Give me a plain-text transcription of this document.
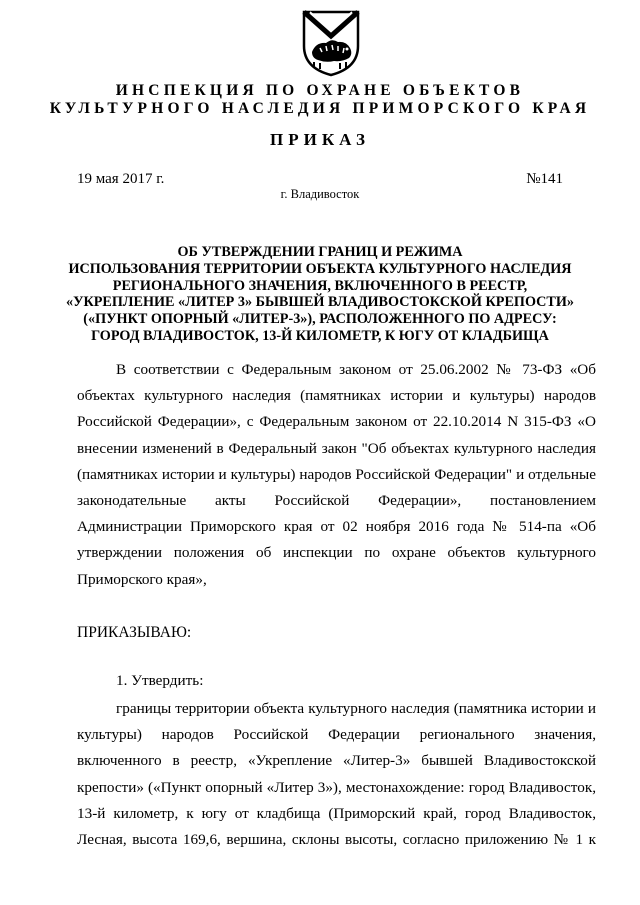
ИНСПЕКЦИЯ ПО ОХРАНЕ ОБЪЕКТОВ
КУЛЬТУРНОГО НАСЛЕДИЯ ПРИМОРСКОГО КРАЯ
ПРИКАЗ
19 мая 2017 г.	№141
г. Владивосток
ОБ УТВЕРЖДЕНИИ ГРАНИЦ И РЕЖИМА
ИСПОЛЬЗОВАНИЯ ТЕРРИТОРИИ ОБЪЕКТА КУЛЬТУРНОГО НАСЛЕДИЯ
РЕГИОНАЛЬНОГО ЗНАЧЕНИЯ, ВКЛЮЧЕННОГО В РЕЕСТР,
«УКРЕПЛЕНИЕ «ЛИТЕР 3» БЫВШЕЙ ВЛАДИВОСТОКСКОЙ КРЕПОСТИ»
(«ПУНКТ ОПОРНЫЙ «ЛИТЕР-3»), РАСПОЛОЖЕННОГО ПО АДРЕСУ:
ГОРОД ВЛАДИВОСТОК, 13-Й КИЛОМЕТР, К ЮГУ ОТ КЛАДБИЩА
В соответствии с Федеральным законом от 25.06.2002 № 73-ФЗ «Об
объектах культурного наследия (памятниках истории и культуры) народов
Российской Федерации», с Федеральным законом от 22.10.2014 N 315-ФЗ «О
внесении изменений в Федеральный закон "Об объектах культурного наследия
(памятниках истории и культуры) народов Российской Федерации" и отдельные
законодательные акты Российской Федерации», постановлением
Администрации Приморского края от 02 ноября 2016 года № 514-па «Об
утверждении положения об инспекции по охране объектов культурного
Приморского края»,
ПРИКАЗЫВАЮ:
1. Утвердить:
границы территории объекта культурного наследия (памятника истории и
культуры) народов Российской Федерации регионального значения,
включенного в реестр, «Укрепление «Литер-3» бывшей Владивостокской
крепости» («Пункт опорный «Литер 3»), местонахождение: город Владивосток,
13-й километр, к югу от кладбища (Приморский край, город Владивосток,
Лесная, высота 169,6, вершина, склоны высоты, согласно приложению № 1 к
